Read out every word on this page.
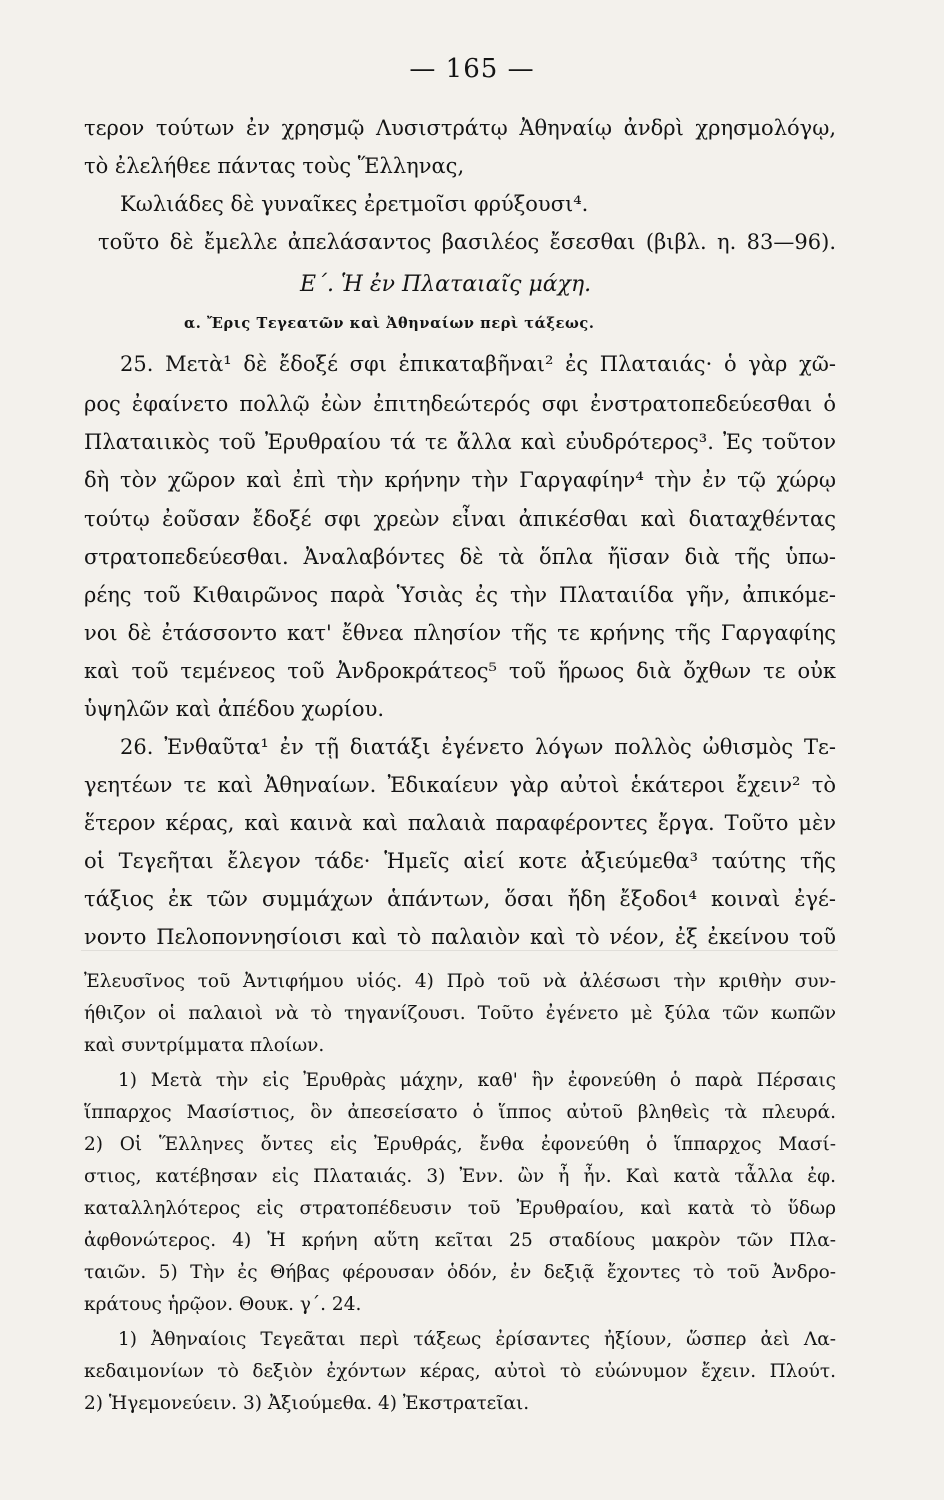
— 165 —
τερον τούτων ἐν χρησμῷ Λυσιστράτῳ Ἀθηναίῳ ἀνδρὶ χρησμολόγῳ,
τὸ ἐλελήθεε πάντας τοὺς Ἕλληνας,
Κωλιάδες δὲ γυναῖκες ἐρετμοῖσι φρύξουσι⁴.
τοῦτο δὲ ἔμελλε ἀπελάσαντος βασιλέος ἔσεσθαι (βιβλ. η. 83—96).
Ε΄. Ἡ ἐν Πλαταιαῖς μάχη.
α. Ἔρις Τεγεατῶν καὶ Ἀθηναίων περὶ τάξεως.
25. Μετὰ¹ δὲ ἔδοξέ σφι ἐπικαταβῆναι² ἐς Πλαταιάς· ὁ γὰρ χῶ-
ρος ἐφαίνετο πολλῷ ἐὼν ἐπιτηδεώτερός σφι ἐνστρατοπεδεύεσθαι ὁ
Πλαταιικὸς τοῦ Ἐρυθραίου τά τε ἄλλα καὶ εὐυδρότερος³. Ἐς τοῦτον
δὴ τὸν χῶρον καὶ ἐπὶ τὴν κρήνην τὴν Γαργαφίην⁴ τὴν ἐν τῷ χώρῳ
τούτῳ ἐοῦσαν ἔδοξέ σφι χρεὼν εἶναι ἀπικέσθαι καὶ διαταχθέντας
στρατοπεδεύεσθαι. Ἀναλαβόντες δὲ τὰ ὅπλα ἤϊσαν διὰ τῆς ὑπω-
ρέης τοῦ Κιθαιρῶνος παρὰ Ὑσιὰς ἐς τὴν Πλαταιίδα γῆν, ἀπικόμε-
νοι δὲ ἐτάσσοντο κατ' ἔθνεα πλησίον τῆς τε κρήνης τῆς Γαργαφίης
καὶ τοῦ τεμένεος τοῦ Ἀνδροκράτεος⁵ τοῦ ἥρωος διὰ ὄχθων τε οὐκ
ὑψηλῶν καὶ ἀπέδου χωρίου.
26. Ἐνθαῦτα¹ ἐν τῇ διατάξι ἐγένετο λόγων πολλὸς ὠθισμὸς Τε-
γεητέων τε καὶ Ἀθηναίων. Ἐδικαίευν γὰρ αὐτοὶ ἑκάτεροι ἔχειν² τὸ
ἕτερον κέρας, καὶ καινὰ καὶ παλαιὰ παραφέροντες ἔργα. Τοῦτο μὲν
οἱ Τεγεῆται ἔλεγον τάδε· Ἡμεῖς αἰεί κοτε ἀξιεύμεθα³ ταύτης τῆς
τάξιος ἐκ τῶν συμμάχων ἁπάντων, ὅσαι ἤδη ἔξοδοι⁴ κοιναὶ ἐγέ-
νοντο Πελοποννησίοισι καὶ τὸ παλαιὸν καὶ τὸ νέον, ἐξ ἐκείνου τοῦ
Ἐλευσῖνος τοῦ Ἀντιφήμου υἱός. 4) Πρὸ τοῦ νὰ ἀλέσωσι τὴν κριθὴν συν-
ήθιζον οἱ παλαιοὶ νὰ τὸ τηγανίζουσι. Τοῦτο ἐγένετο μὲ ξύλα τῶν κωπῶν
καὶ συντρίμματα πλοίων.
1) Μετὰ τὴν εἰς Ἐρυθρὰς μάχην, καθ' ἣν ἐφονεύθη ὁ παρὰ Πέρσαις
ἵππαρχος Μασίστιος, ὃν ἀπεσείσατο ὁ ἵππος αὐτοῦ βληθεὶς τὰ πλευρά.
2) Οἱ Ἕλληνες ὄντες εἰς Ἐρυθράς, ἔνθα ἐφονεύθη ὁ ἵππαρχος Μασί-
στιος, κατέβησαν εἰς Πλαταιάς. 3) Ἐνν. ὢν ἦ ἦν. Καὶ κατὰ τἆλλα ἐφ.
καταλληλότερος εἰς στρατοπέδευσιν τοῦ Ἐρυθραίου, καὶ κατὰ τὸ ὕδωρ
ἀφθονώτερος. 4) Ἡ κρήνη αὕτη κεῖται 25 σταδίους μακρὸν τῶν Πλα-
ταιῶν. 5) Τὴν ἐς Θήβας φέρουσαν ὁδόν, ἐν δεξιᾷ ἔχοντες τὸ τοῦ Ἀνδρο-
κράτους ἡρῷον. Θουκ. γ΄. 24.
1) Ἀθηναίοις Τεγεᾶται περὶ τάξεως ἐρίσαντες ἠξίουν, ὥσπερ ἀεὶ Λα-
κεδαιμονίων τὸ δεξιὸν ἐχόντων κέρας, αὐτοὶ τὸ εὐώνυμον ἔχειν. Πλούτ.
2) Ἡγεμονεύειν. 3) Ἀξιούμεθα. 4) Ἐκστρατεῖαι.
